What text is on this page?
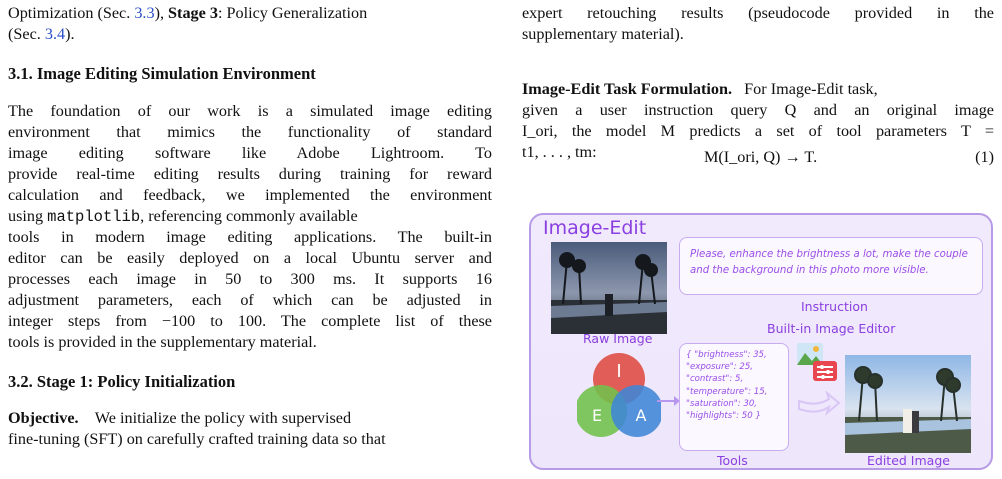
Optimization (Sec. 3.3), Stage 3: Policy Generalization
(Sec. 3.4).
3.1. Image Editing Simulation Environment
The foundation of our work is a simulated image editing
environment that mimics the functionality of standard
image editing software like Adobe Lightroom. To
provide real-time editing results during training for reward
calculation and feedback, we implemented the environment
using matplotlib, referencing commonly available
tools in modern image editing applications. The built-in
editor can be easily deployed on a local Ubuntu server and
processes each image in 50 to 300 ms. It supports 16
adjustment parameters, each of which can be adjusted in
integer steps from −100 to 100. The complete list of these
tools is provided in the supplementary material.
3.2. Stage 1: Policy Initialization
Objective. We initialize the policy with supervised
fine-tuning (SFT) on carefully crafted training data so that
expert retouching results (pseudocode provided in the
supplementary material).
Image-Edit Task Formulation. For Image-Edit task,
given a user instruction query Q and an original image
I_ori, the model M predicts a set of tool parameters T =
t1, . . . , tm:	M(I_ori, Q) → T.	(1)
Image-Edit
Please, enhance the brightness a lot, make the couple and the background in this photo more visible.
Instruction
Built-in Image Editor
Raw Image
I
E A
{ "brightness": 35,
"exposure": 25,
"contrast": 5,
"temperature": 15,
"saturation": 30,
"highlights": 50 }
Tools	Edited Image
